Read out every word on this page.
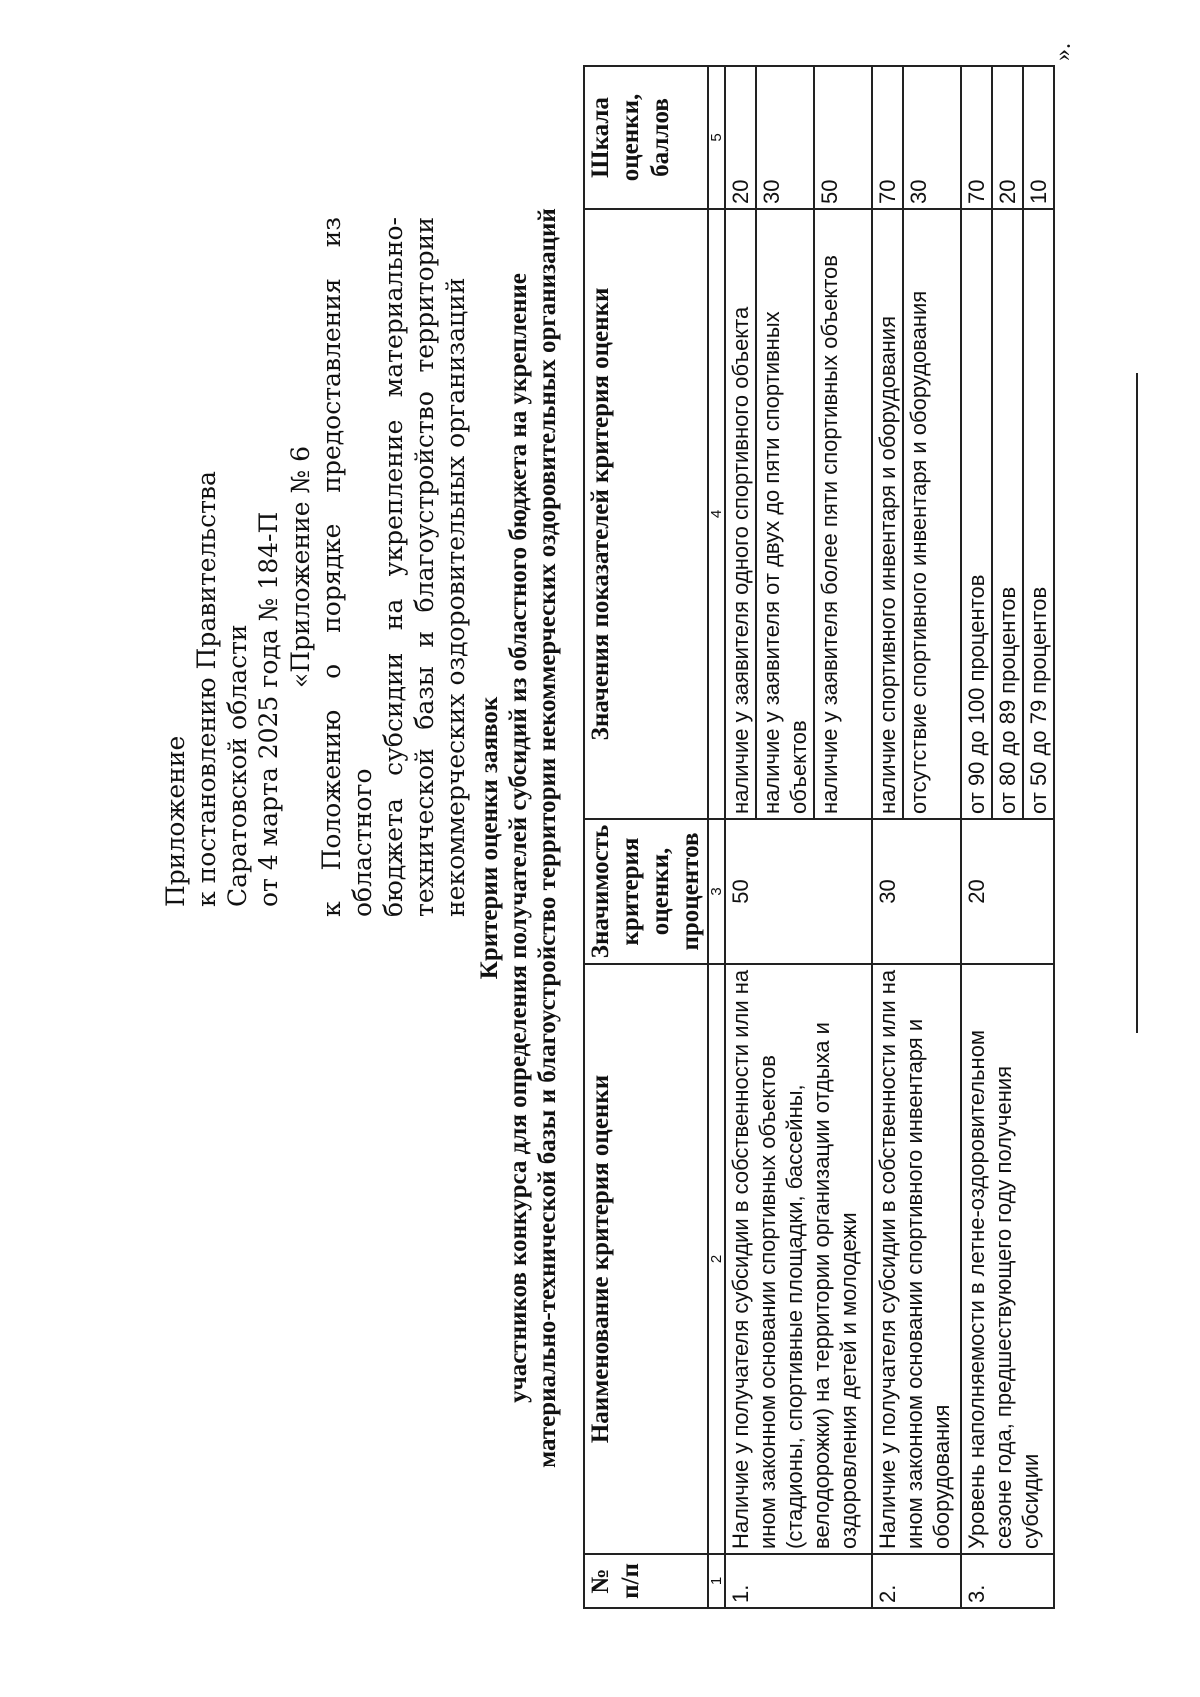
Приложение к постановлению Правительства Саратовской области от 4 марта 2025 года № 184-П «Приложение № 6 к Положению о порядке предоставления из областного бюджета субсидии на укрепление материально- технической базы и благоустройство территории некоммерческих оздоровительных организаций Критерии оценки заявок участников конкурса для определения получателей субсидий из областного бюджета на укрепление материально-технической базы и благоустройство территории некоммерческих оздоровительных организаций
№ п/п	Наименование критерия оценки	Значимость критерия оценки, процентов	Значения показателей критерия оценки	Шкала оценки, баллов
1	2	3	4	5
1.	Наличие у получателя субсидии в собственности или на ином законном основании спортивных объектов (стадионы, спортивные площадки, бассейны, велодорожки) на территории организации отдыха и оздоровления детей и молодежи	50	наличие у заявителя одного спортивного объекта	20
			наличие у заявителя от двух до пяти спортивных объектов	30
			наличие у заявителя более пяти спортивных объектов	50
2.	Наличие у получателя субсидии в собственности или на ином законном основании спортивного инвентаря и оборудования	30	наличие спортивного инвентаря и оборудования	70
			отсутствие спортивного инвентаря и оборудования	30
3.	Уровень наполняемости в летне-оздоровительном сезоне года, предшествующего году получения субсидии	20	от 90 до 100 процентов	70
			от 80 до 89 процентов	20
			от 50 до 79 процентов	10
».
